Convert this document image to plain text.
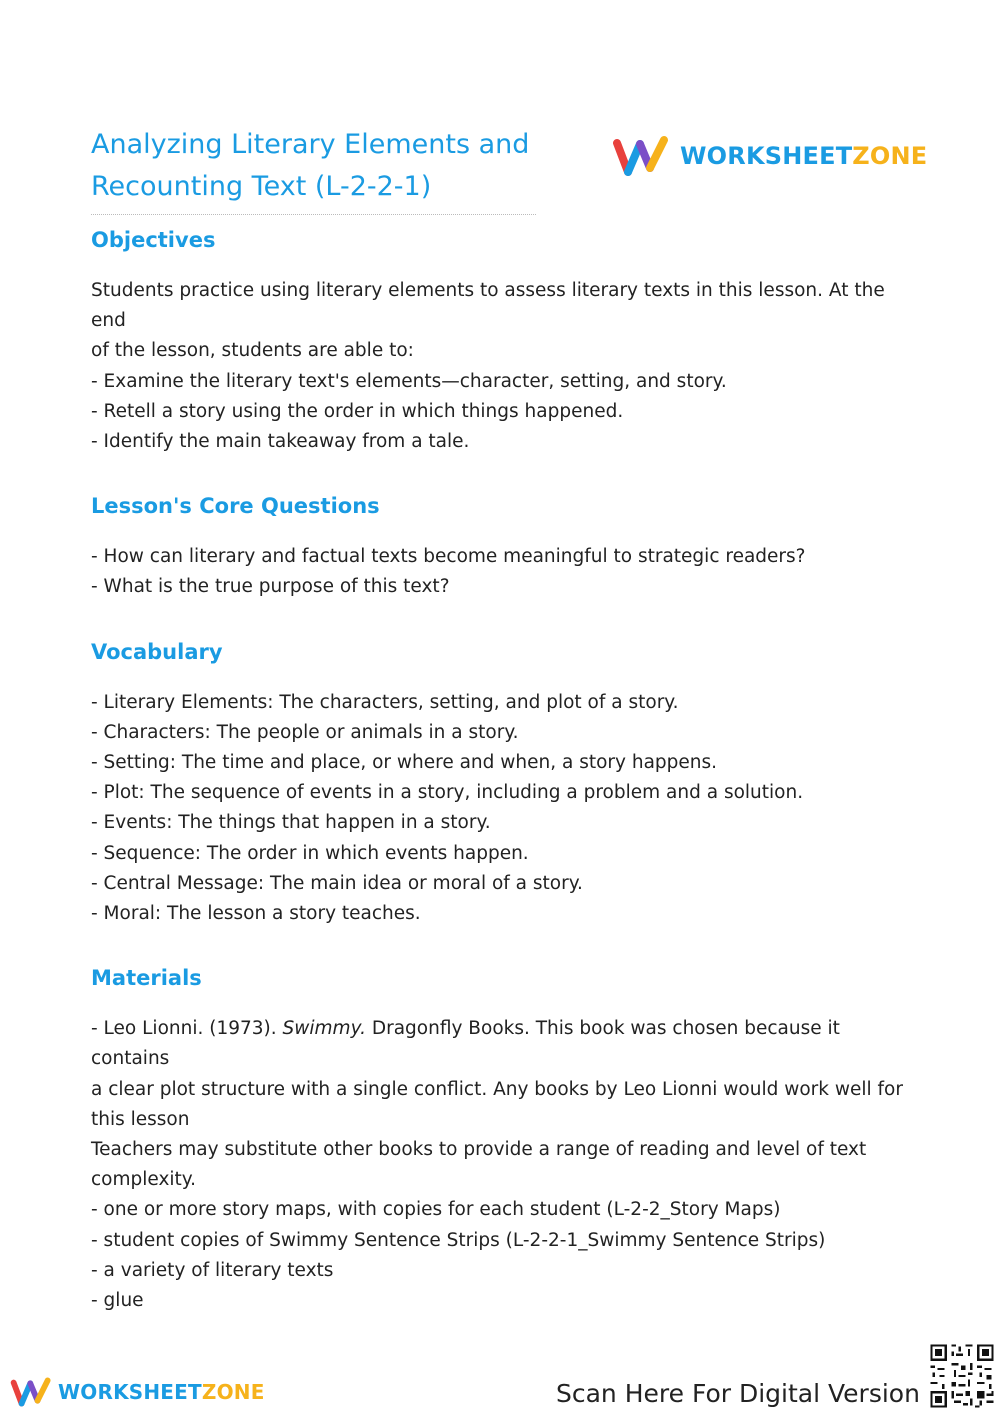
Analyzing Literary Elements and
Recounting Text (L-2-2-1)
WORKSHEETZONE
Objectives

Students practice using literary elements to assess literary texts in this lesson. At the end

of the lesson, students are able to:

- Examine the literary text's elements—character, setting, and story.

- Retell a story using the order in which things happened.

- Identify the main takeaway from a tale.

Lesson's Core Questions

- How can literary and factual texts become meaningful to strategic readers?

- What is the true purpose of this text?

Vocabulary

- Literary Elements: The characters, setting, and plot of a story.

- Characters: The people or animals in a story.

- Setting: The time and place, or where and when, a story happens.

- Plot: The sequence of events in a story, including a problem and a solution.

- Events: The things that happen in a story.

- Sequence: The order in which events happen.

- Central Message: The main idea or moral of a story.

- Moral: The lesson a story teaches.

Materials

- Leo Lionni. (1973). Swimmy. Dragonfly Books. This book was chosen because it contains

a clear plot structure with a single conflict. Any books by Leo Lionni would work well for

this lesson

Teachers may substitute other books to provide a range of reading and level of text

complexity.

- one or more story maps, with copies for each student (L-2-2_Story Maps)

- student copies of Swimmy Sentence Strips (L-2-2-1_Swimmy Sentence Strips)

- a variety of literary texts

- glue

WORKSHEETZONE	Scan Here For Digital Version
